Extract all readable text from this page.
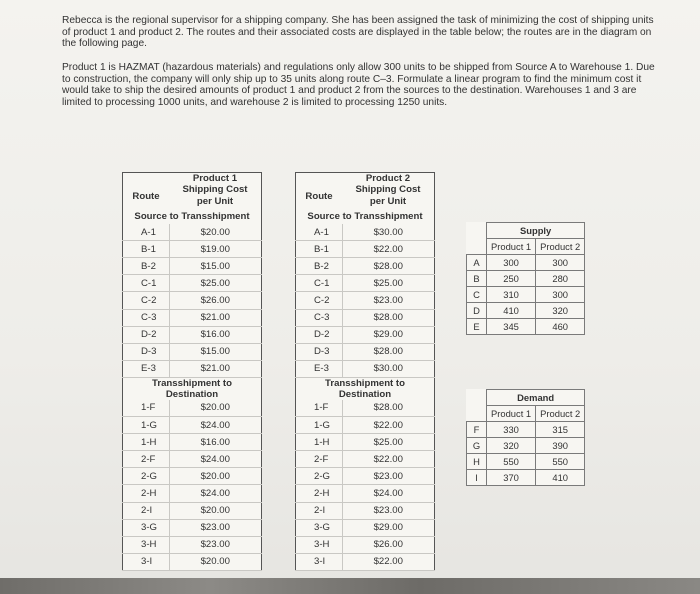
Rebecca is the regional supervisor for a shipping company. She has been assigned the task of minimizing the cost of shipping units of product 1 and product 2. The routes and their associated costs are displayed in the table below; the routes are in the diagram on the following page.

Product 1 is HAZMAT (hazardous materials) and regulations only allow 300 units to be shipped from Source A to Warehouse 1. Due to construction, the company will only ship up to 35 units along route C–3. Formulate a linear program to find the minimum cost it would take to ship the desired amounts of product 1 and product 2 from the sources to the destination. Warehouses 1 and 3 are limited to processing 1000 units, and warehouse 2 is limited to processing 1250 units.

	Product 1
Route	Shipping Cost per Unit
Source to Transshipment	
A-1	$20.00
B-1	$19.00
B-2	$15.00
C-1	$25.00
C-2	$26.00
C-3	$21.00
D-2	$16.00
D-3	$15.00
E-3	$21.00
Transshipment to Destination	
1-F	$20.00
1-G	$24.00
1-H	$16.00
2-F	$24.00
2-G	$20.00
2-H	$24.00
2-I	$20.00
3-G	$23.00
3-H	$23.00
3-I	$20.00
	Product 2
Route	Shipping Cost per Unit
Source to Transshipment	
A-1	$30.00
B-1	$22.00
B-2	$28.00
C-1	$25.00
C-2	$23.00
C-3	$28.00
D-2	$29.00
D-3	$28.00
E-3	$30.00
Transshipment to Destination	
1-F	$28.00
1-G	$22.00
1-H	$25.00
2-F	$22.00
2-G	$23.00
2-H	$24.00
2-I	$23.00
3-G	$29.00
3-H	$26.00
3-I	$22.00
	Supply	
	Product 1	Product 2
A	300	300
B	250	280
C	310	300
D	410	320
E	345	460
	Demand	
	Product 1	Product 2
F	330	315
G	320	390
H	550	550
I	370	410
